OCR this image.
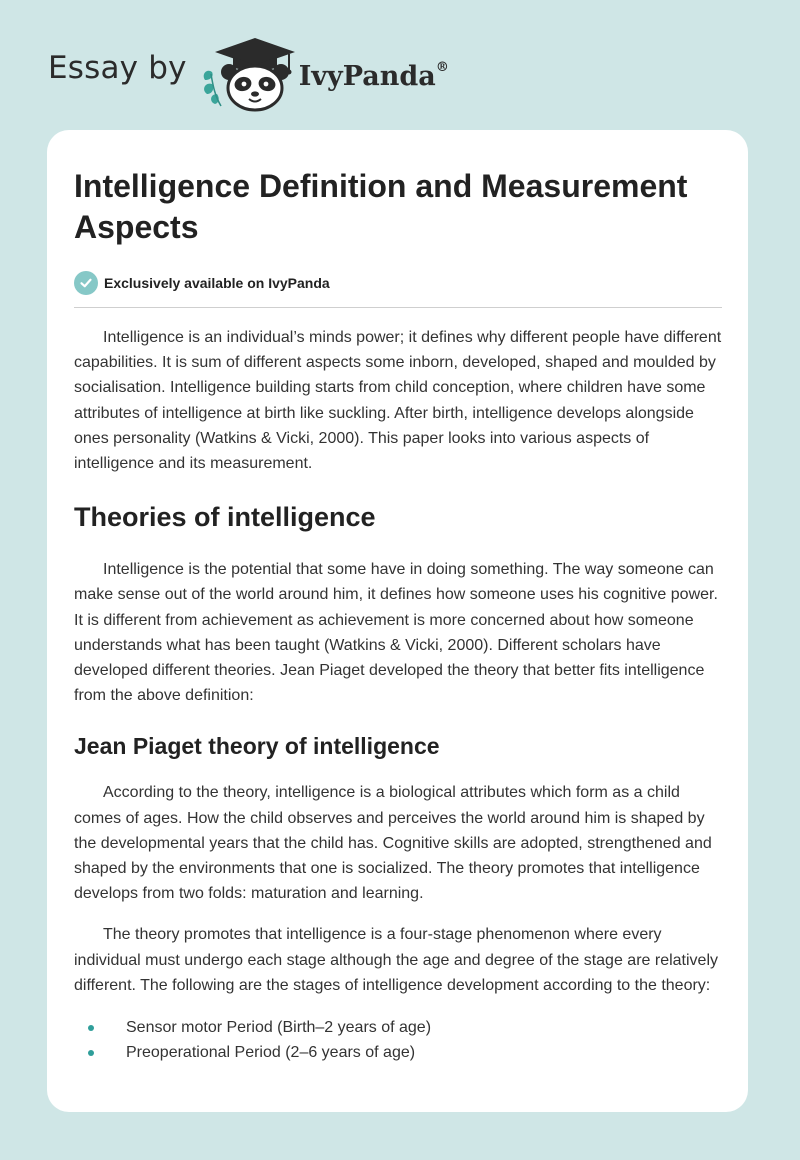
Essay by	IvyPanda®
Intelligence Definition and Measurement Aspects
Exclusively available on IvyPanda

Intelligence is an individual’s minds power; it defines why different people have different capabilities. It is sum of different aspects some inborn, developed, shaped and moulded by socialisation. Intelligence building starts from child conception, where children have some attributes of intelligence at birth like suckling. After birth, intelligence develops alongside ones personality (Watkins & Vicki, 2000). This paper looks into various aspects of intelligence and its measurement.

Theories of intelligence

Intelligence is the potential that some have in doing something. The way someone can make sense out of the world around him, it defines how someone uses his cognitive power. It is different from achievement as achievement is more concerned about how someone understands what has been taught (Watkins & Vicki, 2000). Different scholars have developed different theories. Jean Piaget developed the theory that better fits intelligence from the above definition:

Jean Piaget theory of intelligence

According to the theory, intelligence is a biological attributes which form as a child comes of ages. How the child observes and perceives the world around him is shaped by the developmental years that the child has. Cognitive skills are adopted, strengthened and shaped by the environments that one is socialized. The theory promotes that intelligence develops from two folds: maturation and learning.

The theory promotes that intelligence is a four-stage phenomenon where every individual must undergo each stage although the age and degree of the stage are relatively different. The following are the stages of intelligence development according to the theory:

Sensor motor Period (Birth–2 years of age)
Preoperational Period (2–6 years of age)
